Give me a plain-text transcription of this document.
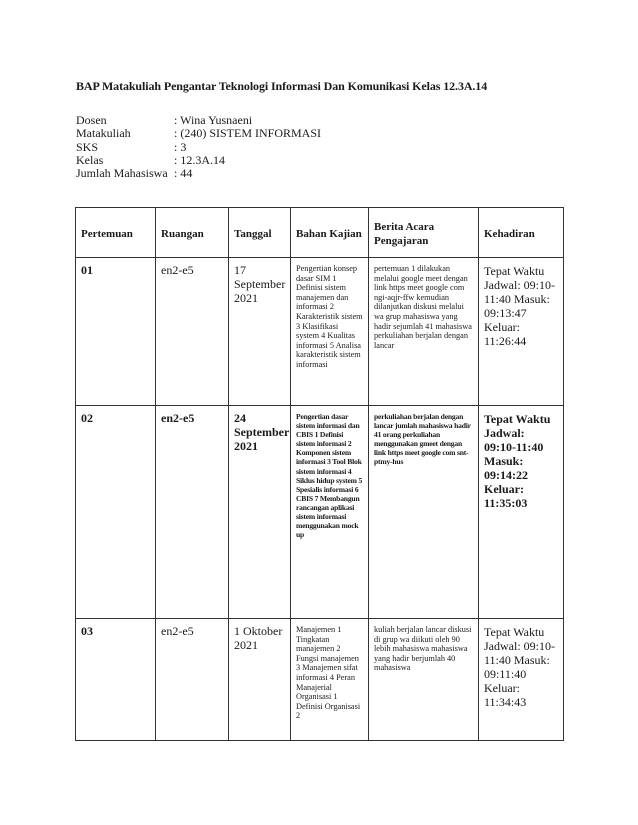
BAP Matakuliah Pengantar Teknologi Informasi Dan Komunikasi Kelas 12.3A.14
Dosen	: Wina Yusnaeni
Matakuliah	: (240) SISTEM INFORMASI
SKS	: 3
Kelas	: 12.3A.14
Jumlah Mahasiswa : 44
Pertemuan	Ruangan	Tanggal	Bahan Kajian	Berita Acara Pengajaran	Kehadiran
01	en2-e5	17 September 2021	Pengertian konsep dasar SIM 1 Definisi sistem manajemen dan informasi 2 Karakteristik sistem 3 Klasifikasi system 4 Kualitas informasi 5 Analisa karakteristik sistem informasi	pertemuan 1 dilakukan melalui google meet dengan link https meet google com ngi-aqjr-ffw kemudian dilanjutkan diskusi melalui wa grup mahasiswa yang hadir sejumlah 41 mahasiswa perkuliahan berjalan dengan lancar	Tepat Waktu Jadwal: 09:10-11:40 Masuk: 09:13:47 Keluar: 11:26:44
02	en2-e5	24 September 2021	Pengertian dasar sistem informasi dan CBIS 1 Definisi sistem informasi 2 Komponen sistem informasi 3 Tool Blok sistem informasi 4 Siklus hidup system 5 Spesialis informasi 6 CBIS 7 Membangun rancangan aplikasi sistem informasi menggunakan mock up	perkuliahan berjalan dengan lancar jumlah mahasiswa hadir 41 orang perkuliahan menggunakan gmeet dengan link https meet google com snt-ptmy-hus	Tepat Waktu Jadwal: 09:10-11:40 Masuk: 09:14:22 Keluar: 11:35:03
03	en2-e5	1 Oktober 2021	Manajemen 1 Tingkatan manajemen 2 Fungsi manajemen 3 Manajemen sifat informasi 4 Peran Manajerial Organisasi 1 Definisi Organisasi 2	kuliah berjalan lancar diskusi di grup wa diikuti oleh 90 lebih mahasiswa mahasiswa yang hadir berjumlah 40 mahasiswa	Tepat Waktu Jadwal: 09:10-11:40 Masuk: 09:11:40 Keluar: 11:34:43
